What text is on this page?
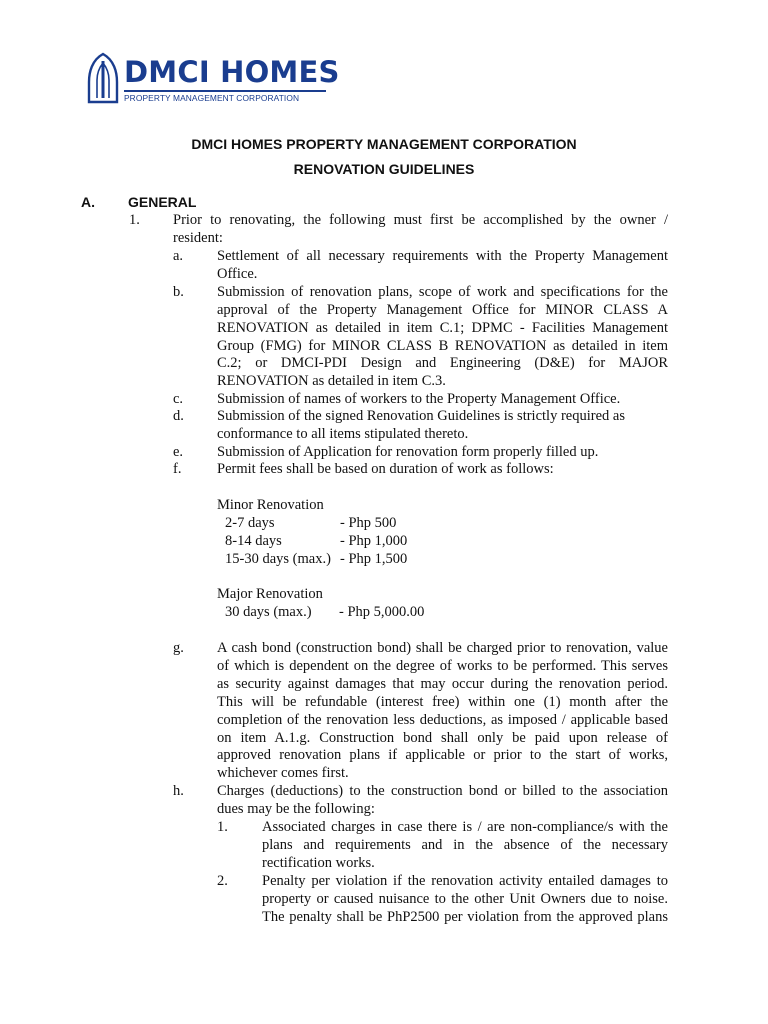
DMCI HOMES
PROPERTY MANAGEMENT CORPORATION
DMCI HOMES PROPERTY MANAGEMENT CORPORATION
RENOVATION GUIDELINES
A. GENERAL
1. Prior to renovating, the following must first be accomplished by the owner /
resident:
a. Settlement of all necessary requirements with the Property Management
Office.
b. Submission of renovation plans, scope of work and specifications for the
approval of the Property Management Office for MINOR CLASS A
RENOVATION as detailed in item C.1; DPMC - Facilities Management
Group (FMG) for MINOR CLASS B RENOVATION as detailed in item
C.2; or DMCI-PDI Design and Engineering (D&E) for MAJOR
RENOVATION as detailed in item C.3.
c. Submission of names of workers to the Property Management Office.
d. Submission of the signed Renovation Guidelines is strictly required as
conformance to all items stipulated thereto.
e. Submission of Application for renovation form properly filled up.
f. Permit fees shall be based on duration of work as follows:
Minor Renovation
2-7 days	- Php 500
8-14 days	- Php 1,000
15-30 days (max.) - Php 1,500
Major Renovation
30 days (max.) - Php 5,000.00
g. A cash bond (construction bond) shall be charged prior to renovation, value
of which is dependent on the degree of works to be performed. This serves
as security against damages that may occur during the renovation period.
This will be refundable (interest free) within one (1) month after the
completion of the renovation less deductions, as imposed / applicable based
on item A.1.g. Construction bond shall only be paid upon release of
approved renovation plans if applicable or prior to the start of works,
whichever comes first.
h. Charges (deductions) to the construction bond or billed to the association
dues may be the following:
1. Associated charges in case there is / are non-compliance/s with the
plans and requirements and in the absence of the necessary
rectification works.
2. Penalty per violation if the renovation activity entailed damages to
property or caused nuisance to the other Unit Owners due to noise.
The penalty shall be PhP2500 per violation from the approved plans
